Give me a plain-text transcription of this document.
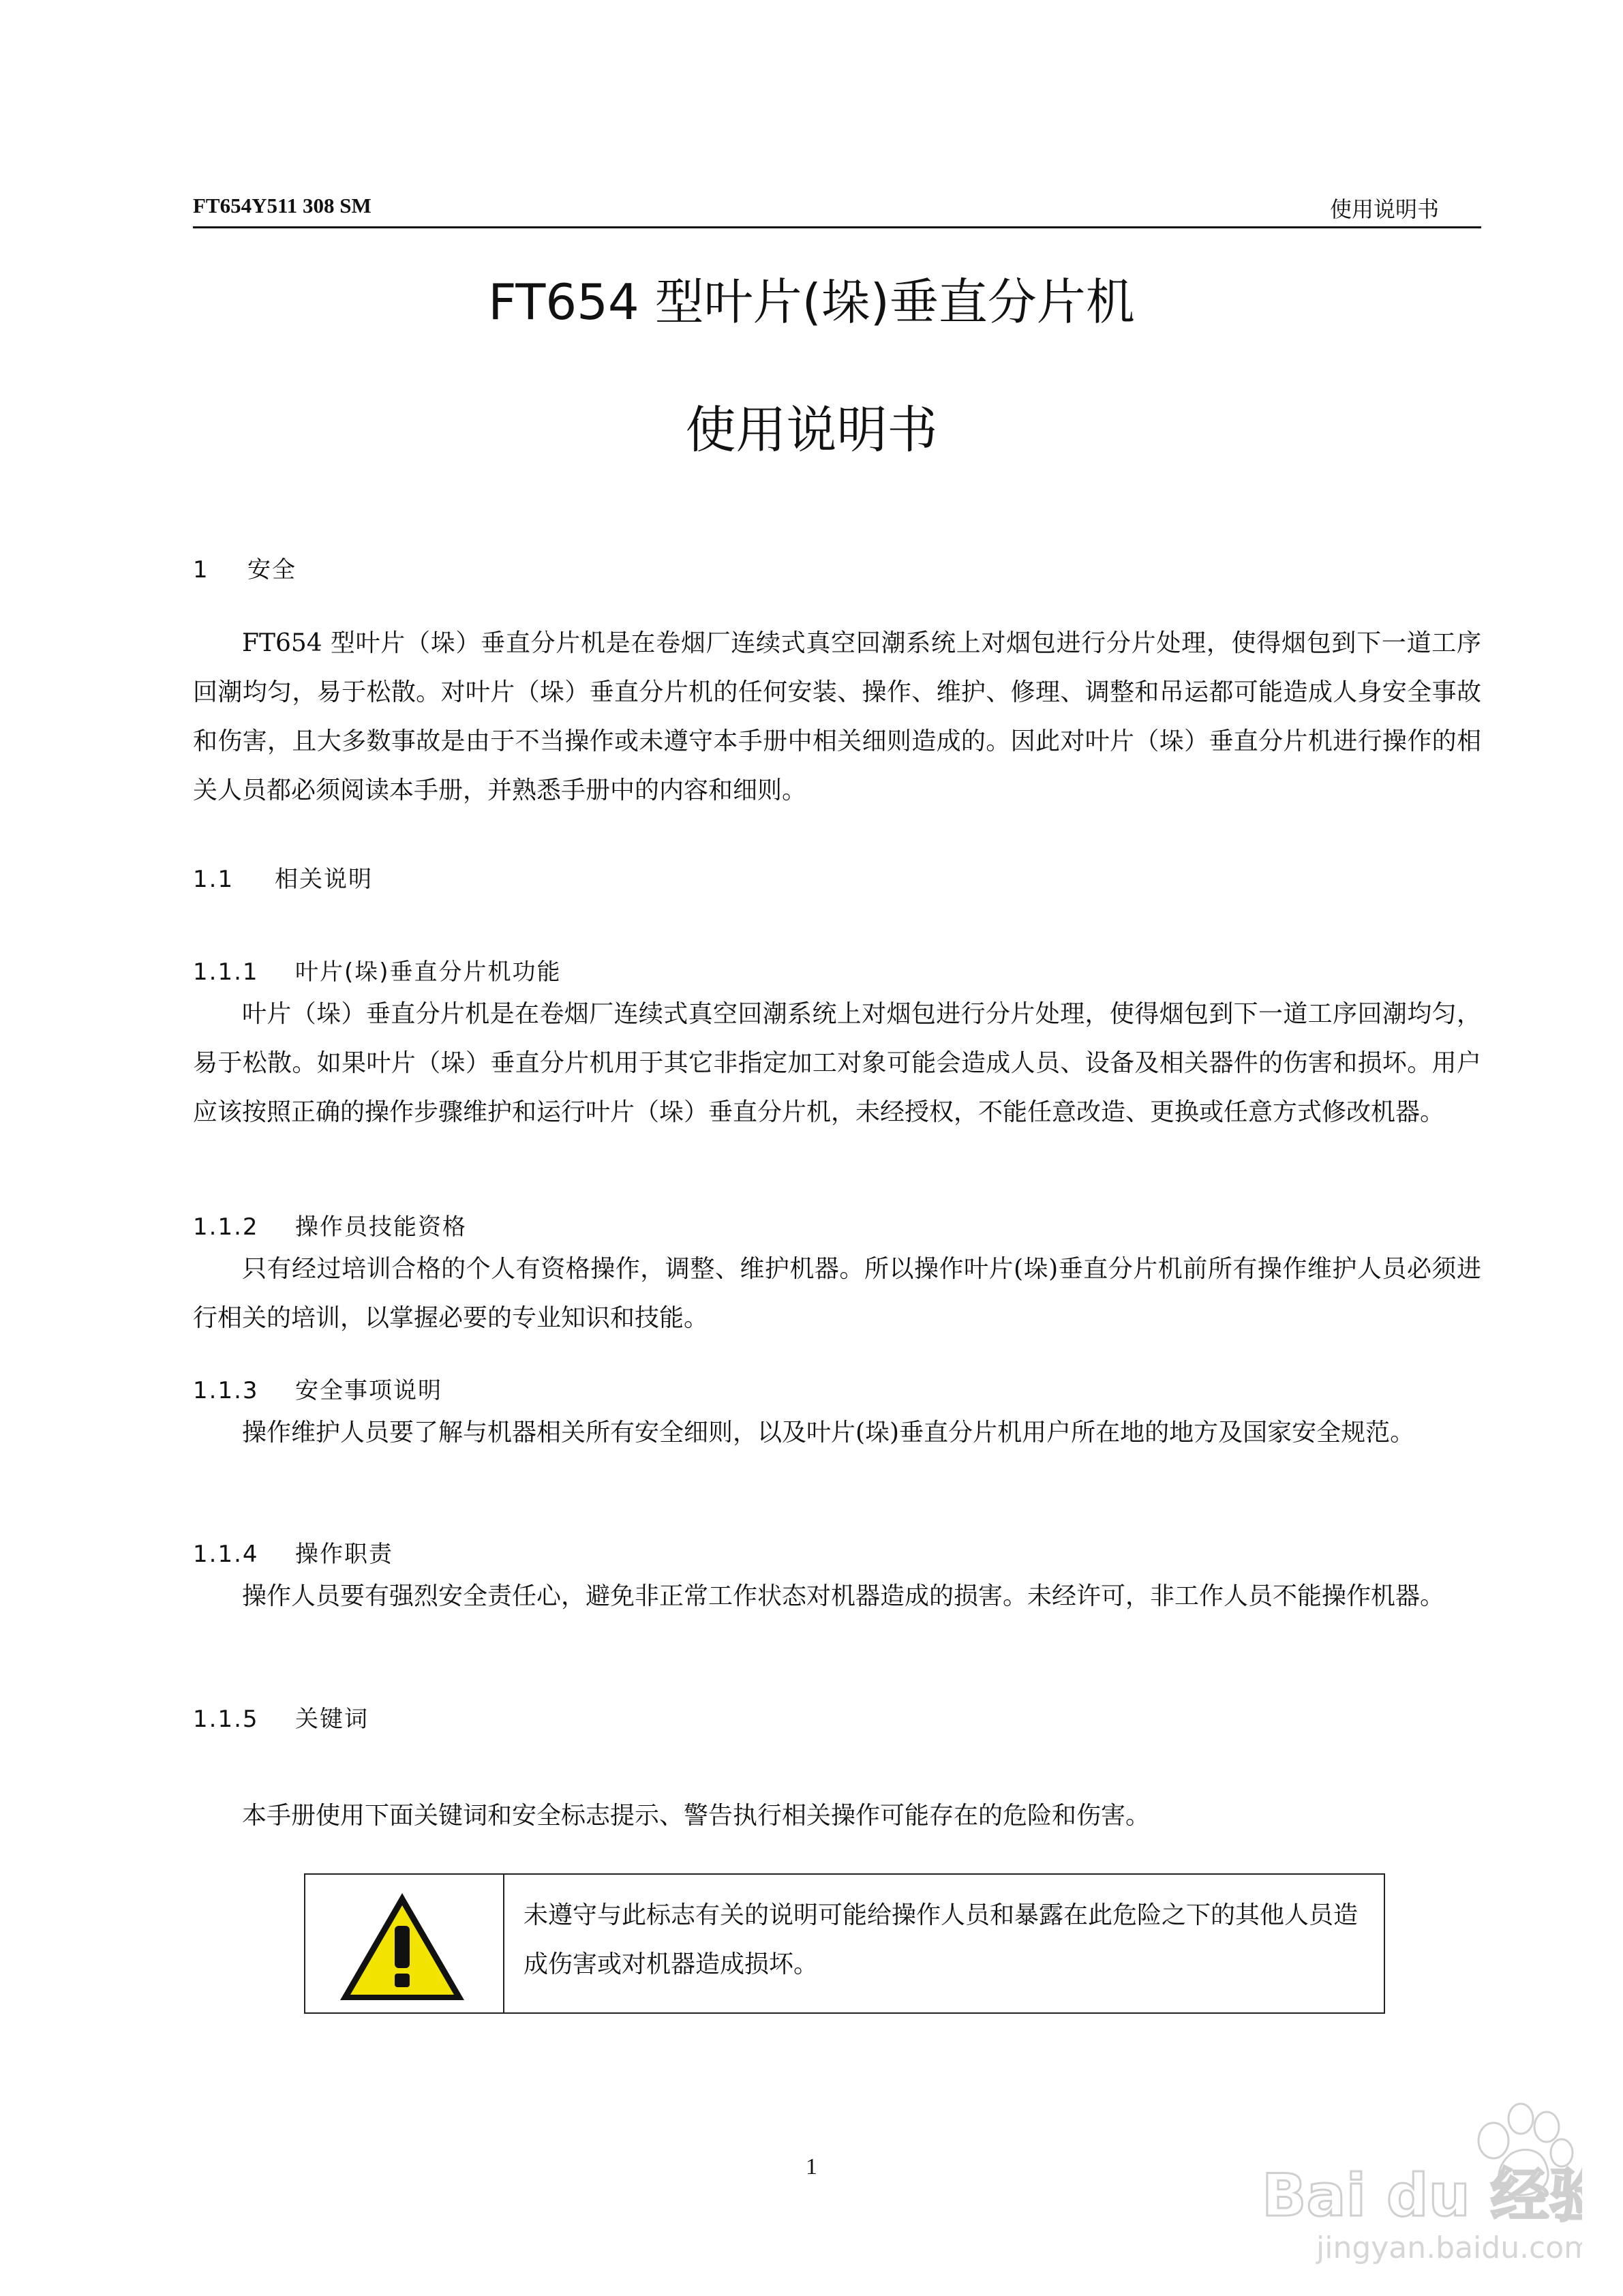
FT654Y511 308 SM	使用说明书
FT654 型叶片(垛)垂直分片机
使用说明书
1 安全

FT654 型叶片（垛）垂直分片机是在卷烟厂连续式真空回潮系统上对烟包进行分片处理，使得烟包到下一道工序回潮均匀，易于松散。对叶片（垛）垂直分片机的任何安装、操作、维护、修理、调整和吊运都可能造成人身安全事故和伤害，且大多数事故是由于不当操作或未遵守本手册中相关细则造成的。因此对叶片（垛）垂直分片机进行操作的相关人员都必须阅读本手册，并熟悉手册中的内容和细则。

1.1 相关说明
1.1.1 叶片(垛)垂直分片机功能

叶片（垛）垂直分片机是在卷烟厂连续式真空回潮系统上对烟包进行分片处理，使得烟包到下一道工序回潮均匀，易于松散。如果叶片（垛）垂直分片机用于其它非指定加工对象可能会造成人员、设备及相关器件的伤害和损坏。用户应该按照正确的操作步骤维护和运行叶片（垛）垂直分片机，未经授权，不能任意改造、更换或任意方式修改机器。

1.1.2 操作员技能资格

只有经过培训合格的个人有资格操作，调整、维护机器。所以操作叶片(垛)垂直分片机前所有操作维护人员必须进行相关的培训，以掌握必要的专业知识和技能。

1.1.3 安全事项说明

操作维护人员要了解与机器相关所有安全细则，以及叶片(垛)垂直分片机用户所在地的地方及国家安全规范。

1.1.4 操作职责

操作人员要有强烈安全责任心，避免非正常工作状态对机器造成的损害。未经许可，非工作人员不能操作机器。

1.1.5 关键词

本手册使用下面关键词和安全标志提示、警告执行相关操作可能存在的危险和伤害。

未遵守与此标志有关的说明可能给操作人员和暴露在此危险之下的其他人员造成伤害或对机器造成损坏。
1	Bai du 经验
jingyan.baidu.com
